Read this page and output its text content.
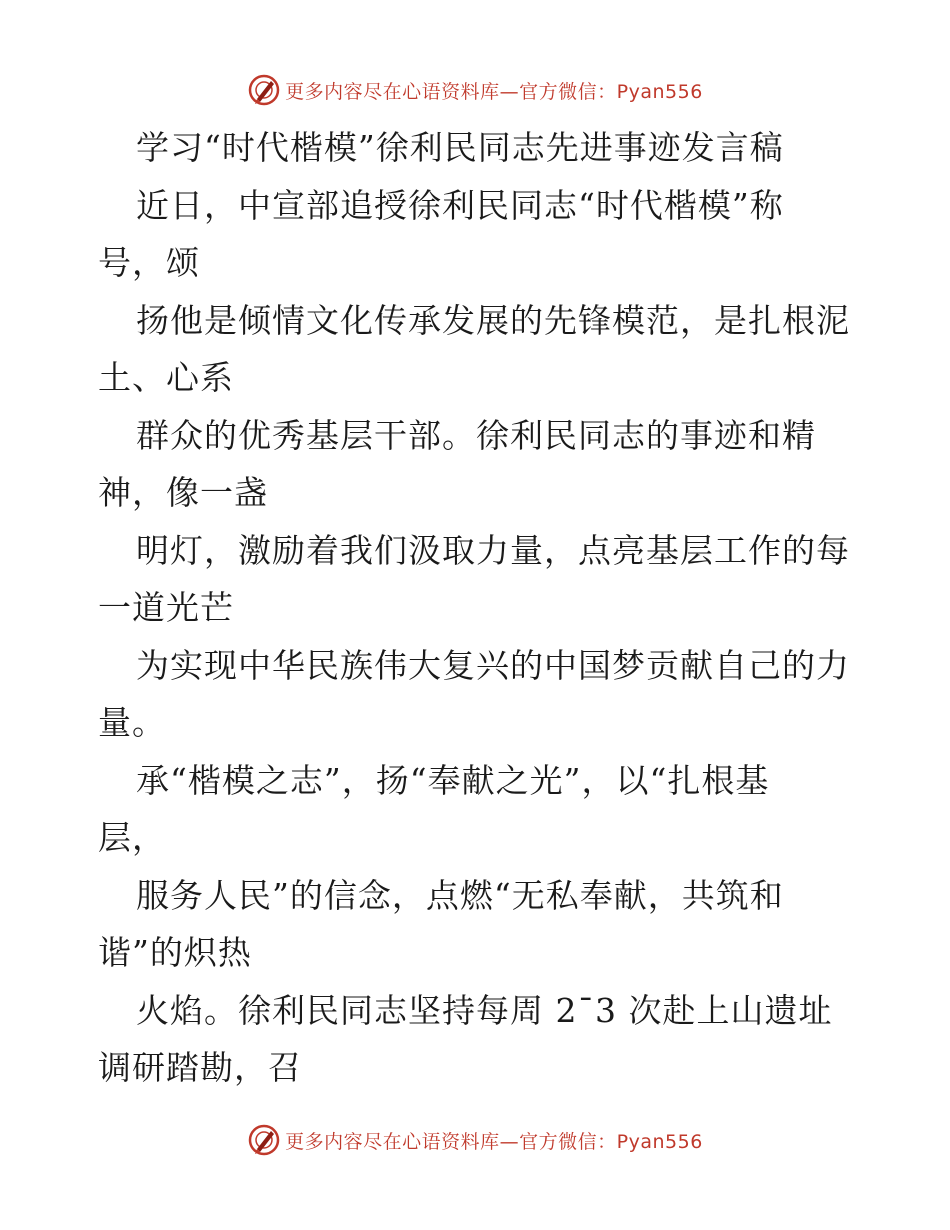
更多内容尽在心语资料库—官方微信：Pyan556
学习“时代楷模”徐利民同志先进事迹发言稿
近日，中宣部追授徐利民同志“时代楷模”称
号，颂
扬他是倾情文化传承发展的先锋模范，是扎根泥
土、心系
群众的优秀基层干部。徐利民同志的事迹和精
神，像一盏
明灯，激励着我们汲取力量，点亮基层工作的每
一道光芒
为实现中华民族伟大复兴的中国梦贡献自己的力
量。
承“楷模之志”，扬“奉献之光”，以“扎根基
层，
服务人民”的信念，点燃“无私奉献，共筑和
谐”的炽热
火焰。徐利民同志坚持每周 2¯3 次赴上山遗址
调研踏勘，召
更多内容尽在心语资料库—官方微信：Pyan556
